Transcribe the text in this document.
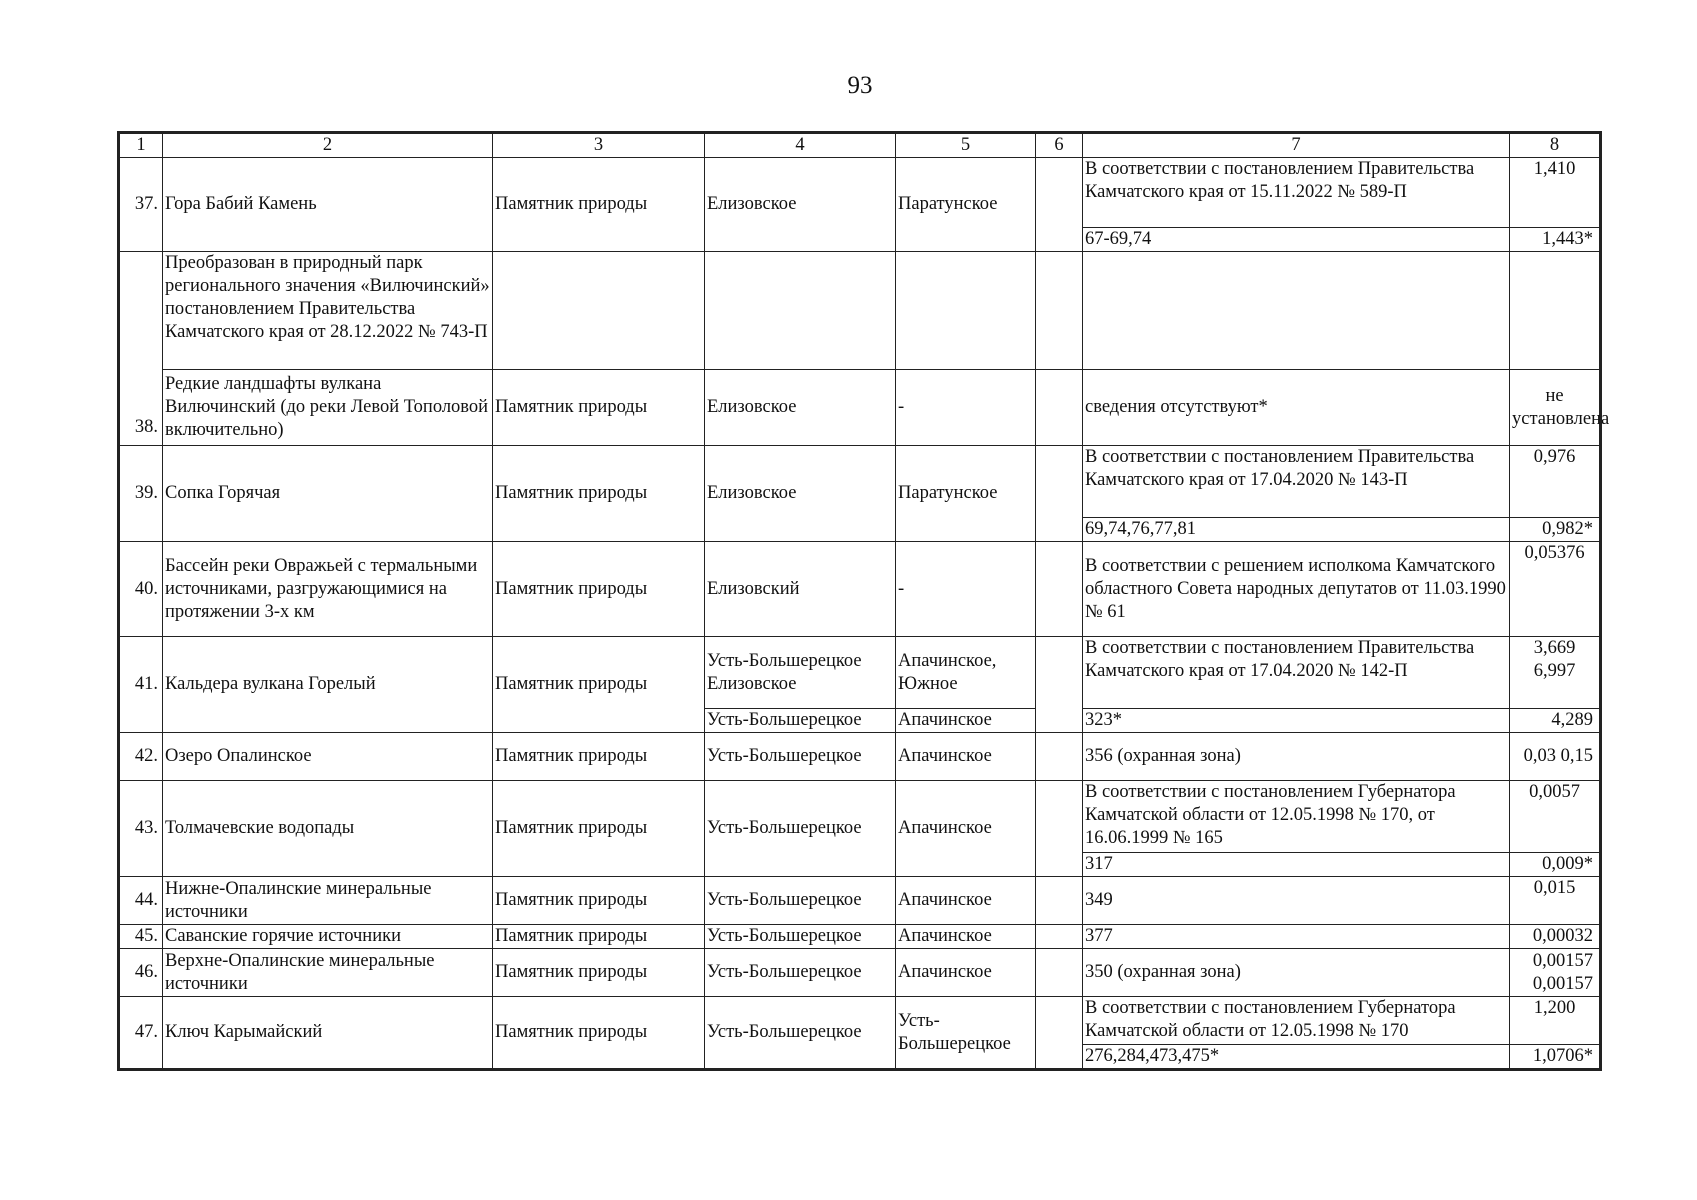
93
1	2	3	4	5	6	7	8
37.	Гора Бабий Камень	Памятник природы	Елизовское	Паратунское		В соответствии с постановлением Правительства Камчатского края от 15.11.2022 № 589-П	1,410
						67-69,74	1,443*
38.	Преобразован в природный парк регионального значения «Вилючинский» постановлением Правительства Камчатского края от 28.12.2022 № 743-П						
	Редкие ландшафты вулкана Вилючинский (до реки Левой Тополовой включительно)	Памятник природы	Елизовское	-		сведения отсутствуют*	не установлена
39.	Сопка Горячая	Памятник природы	Елизовское	Паратунское		В соответствии с постановлением Правительства Камчатского края от 17.04.2020 № 143-П	0,976
						69,74,76,77,81	0,982*
40.	Бассейн реки Овражьей с термальными источниками, разгружающимися на протяжении 3-х км	Памятник природы	Елизовский	-		В соответствии с решением исполкома Камчатского областного Совета народных депутатов от 11.03.1990 № 61	0,05376
41.	Кальдера вулкана Горелый	Памятник природы	Усть-Большерецкое Елизовское	Апачинское, Южное		В соответствии с постановлением Правительства Камчатского края от 17.04.2020 № 142-П	3,669 6,997
			Усть-Большерецкое	Апачинское		323*	4,289
42.	Озеро Опалинское	Памятник природы	Усть-Большерецкое	Апачинское		356 (охранная зона)	0,03 0,15
43.	Толмачевские водопады	Памятник природы	Усть-Большерецкое	Апачинское		В соответствии с постановлением Губернатора Камчатской области от 12.05.1998 № 170, от 16.06.1999 № 165	0,0057
						317	0,009*
44.	Нижне-Опалинские минеральные источники	Памятник природы	Усть-Большерецкое	Апачинское		349	0,015
45.	Саванские горячие источники	Памятник природы	Усть-Большерецкое	Апачинское		377	0,00032
46.	Верхне-Опалинские минеральные источники	Памятник природы	Усть-Большерецкое	Апачинское		350 (охранная зона)	0,00157 0,00157
47.	Ключ Карымайский	Памятник природы	Усть-Большерецкое	Усть-Большерецкое		В соответствии с постановлением Губернатора Камчатской области от 12.05.1998 № 170	1,200
						276,284,473,475*	1,0706*
